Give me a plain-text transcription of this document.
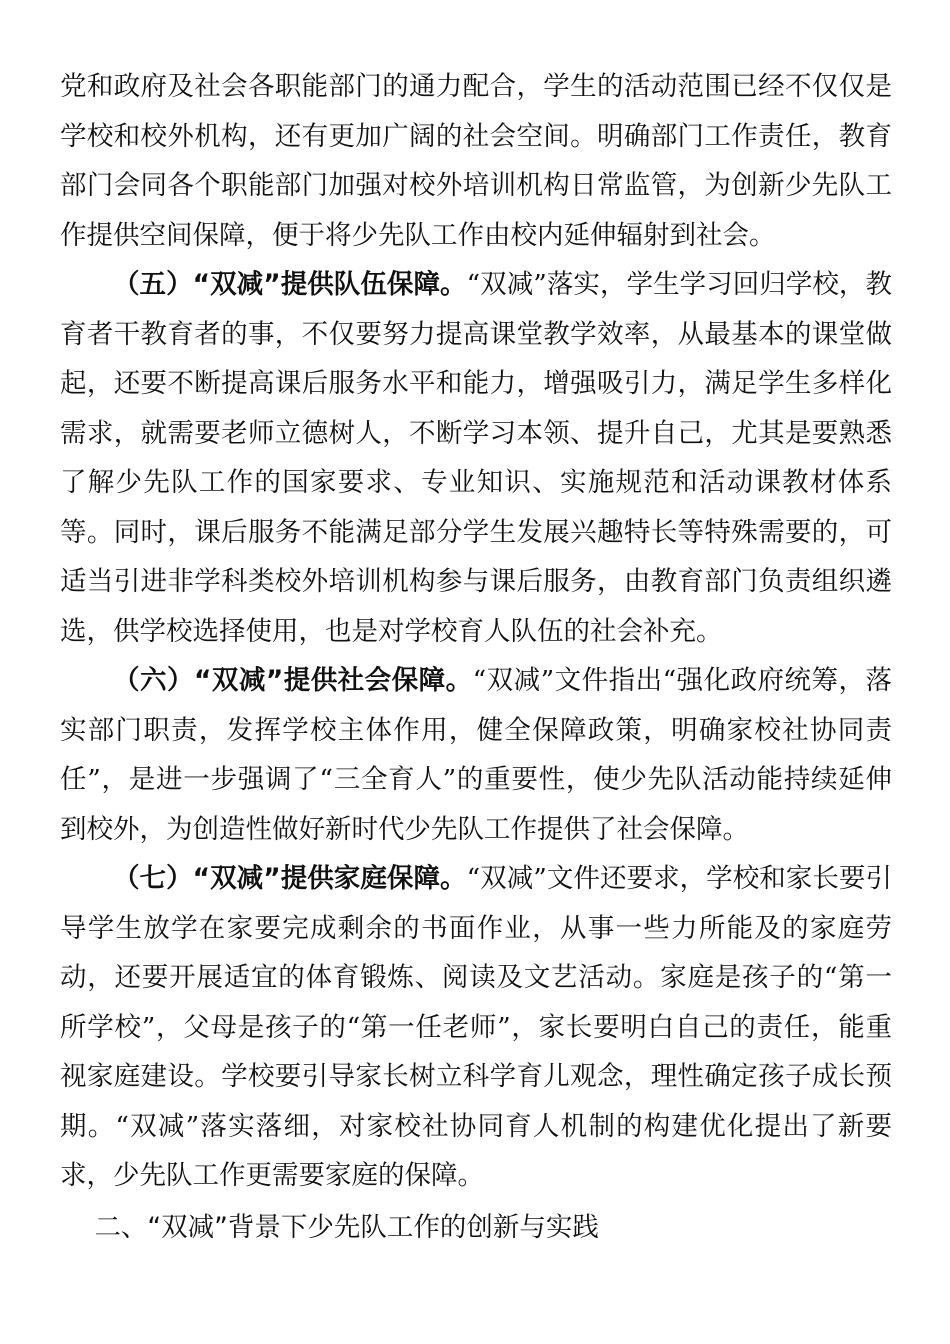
党和政府及社会各职能部门的通力配合，学生的活动范围已经不仅仅是学校和校外机构，还有更加广阔的社会空间。明确部门工作责任，教育部门会同各个职能部门加强对校外培训机构日常监管，为创新少先队工作提供空间保障，便于将少先队工作由校内延伸辐射到社会。

（五）“双减”提供队伍保障。“双减”落实，学生学习回归学校，教育者干教育者的事，不仅要努力提高课堂教学效率，从最基本的课堂做起，还要不断提高课后服务水平和能力，增强吸引力，满足学生多样化需求，就需要老师立德树人，不断学习本领、提升自己，尤其是要熟悉了解少先队工作的国家要求、专业知识、实施规范和活动课教材体系等。同时，课后服务不能满足部分学生发展兴趣特长等特殊需要的，可适当引进非学科类校外培训机构参与课后服务，由教育部门负责组织遴选，供学校选择使用，也是对学校育人队伍的社会补充。

（六）“双减”提供社会保障。“双减”文件指出“强化政府统筹，落实部门职责，发挥学校主体作用，健全保障政策，明确家校社协同责任”，是进一步强调了“三全育人”的重要性，使少先队活动能持续延伸到校外，为创造性做好新时代少先队工作提供了社会保障。

（七）“双减”提供家庭保障。“双减”文件还要求，学校和家长要引导学生放学在家要完成剩余的书面作业，从事一些力所能及的家庭劳动，还要开展适宜的体育锻炼、阅读及文艺活动。家庭是孩子的“第一所学校”，父母是孩子的“第一任老师”，家长要明白自己的责任，能重视家庭建设。学校要引导家长树立科学育儿观念，理性确定孩子成长预期。“双减”落实落细，对家校社协同育人机制的构建优化提出了新要求，少先队工作更需要家庭的保障。

二、“双减”背景下少先队工作的创新与实践
